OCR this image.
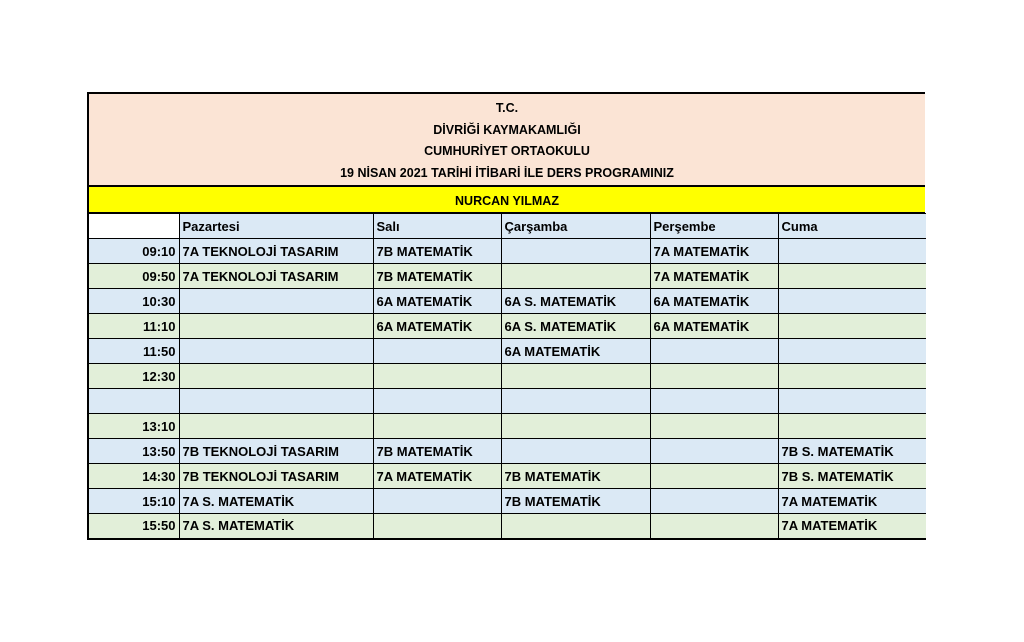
T.C.
DİVRİĞİ KAYMAKAMLIĞI
CUMHURİYET ORTAOKULU
19 NİSAN 2021 TARİHİ İTİBARİ İLE DERS PROGRAMINIZ
NURCAN YILMAZ
	Pazartesi	Salı	Çarşamba	Perşembe	Cuma
09:10	7A TEKNOLOJİ TASARIM	7B MATEMATİK		7A MATEMATİK	
09:50	7A TEKNOLOJİ TASARIM	7B MATEMATİK		7A MATEMATİK	
10:30		6A MATEMATİK	6A S. MATEMATİK	6A MATEMATİK	
11:10		6A MATEMATİK	6A S. MATEMATİK	6A MATEMATİK	
11:50			6A MATEMATİK		
12:30					

13:10					
13:50	7B TEKNOLOJİ TASARIM	7B MATEMATİK			7B S. MATEMATİK
14:30	7B TEKNOLOJİ TASARIM	7A MATEMATİK	7B MATEMATİK		7B S. MATEMATİK
15:10	7A S. MATEMATİK		7B MATEMATİK		7A MATEMATİK
15:50	7A S. MATEMATİK				7A MATEMATİK
